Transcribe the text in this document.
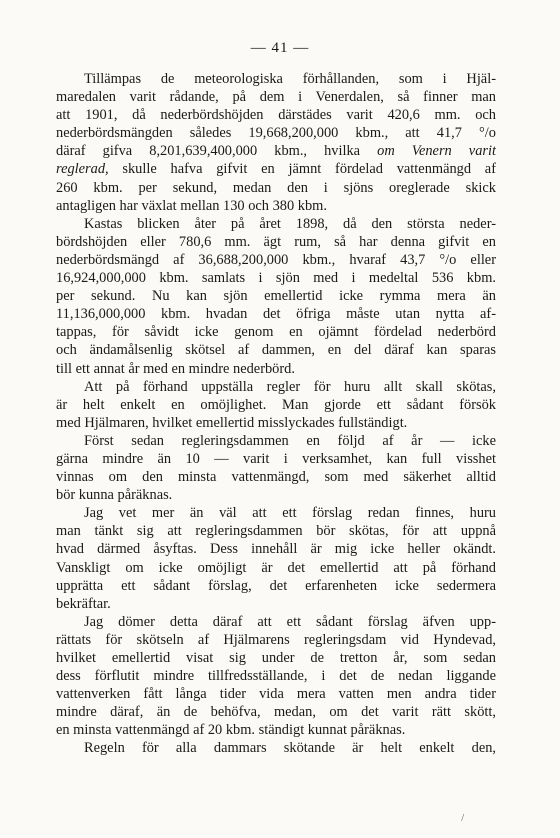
— 41 —
Tillämpas de meteorologiska förhållanden, som i Hjäl-
maredalen varit rådande, på dem i Venerdalen, så finner man
att 1901, då nederbördshöjden därstädes varit 420,6 mm. och
nederbördsmängden således 19,668,200,000 kbm., att 41,7 °/o
däraf gifva 8,201,639,400,000 kbm., hvilka om Venern varit
reglerad, skulle hafva gifvit en jämnt fördelad vattenmängd af
260 kbm. per sekund, medan den i sjöns oreglerade skick
antagligen har växlat mellan 130 och 380 kbm.
Kastas blicken åter på året 1898, då den största neder-
bördshöjden eller 780,6 mm. ägt rum, så har denna gifvit en
nederbördsmängd af 36,688,200,000 kbm., hvaraf 43,7 °/o eller
16,924,000,000 kbm. samlats i sjön med i medeltal 536 kbm.
per sekund. Nu kan sjön emellertid icke rymma mera än
11,136,000,000 kbm. hvadan det öfriga måste utan nytta af-
tappas, för såvidt icke genom en ojämnt fördelad nederbörd
och ändamålsenlig skötsel af dammen, en del däraf kan sparas
till ett annat år med en mindre nederbörd.
Att på förhand uppställa regler för huru allt skall skötas,
är helt enkelt en omöjlighet. Man gjorde ett sådant försök
med Hjälmaren, hvilket emellertid misslyckades fullständigt.
Först sedan regleringsdammen en följd af år — icke
gärna mindre än 10 — varit i verksamhet, kan full visshet
vinnas om den minsta vattenmängd, som med säkerhet alltid
bör kunna påräknas.
Jag vet mer än väl att ett förslag redan finnes, huru
man tänkt sig att regleringsdammen bör skötas, för att uppnå
hvad därmed åsyftas. Dess innehåll är mig icke heller okändt.
Vanskligt om icke omöjligt är det emellertid att på förhand
upprätta ett sådant förslag, det erfarenheten icke sedermera
bekräftar.
Jag dömer detta däraf att ett sådant förslag äfven upp-
rättats för skötseln af Hjälmarens regleringsdam vid Hyndevad,
hvilket emellertid visat sig under de tretton år, som sedan
dess förflutit mindre tillfredsställande, i det de nedan liggande
vattenverken fått långa tider vida mera vatten men andra tider
mindre däraf, än de behöfva, medan, om det varit rätt skött,
en minsta vattenmängd af 20 kbm. ständigt kunnat påräknas.
Regeln för alla dammars skötande är helt enkelt den,
/
